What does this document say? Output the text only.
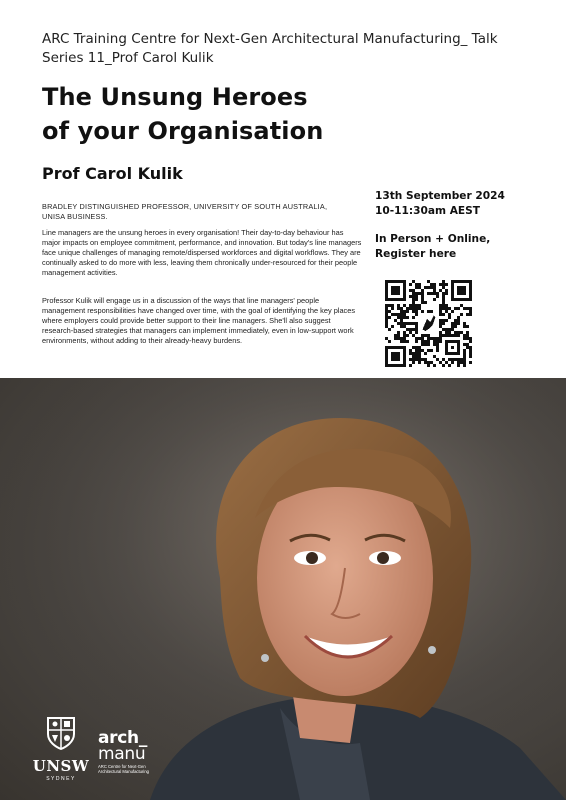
ARC Training Centre for Next-Gen Architectural Manufacturing_ Talk Series 11_Prof Carol Kulik
The Unsung Heroes
of your Organisation
Prof Carol Kulik
BRADLEY DISTINGUISHED PROFESSOR, UNIVERSITY OF SOUTH AUSTRALIA, UNISA BUSINESS.
Line managers are the unsung heroes in every organisation! Their day-to-day behaviour has major impacts on employee commitment, performance, and innovation. But today's line managers face unique challenges of managing remote/dispersed workforces and digital workflows. They are continually asked to do more with less, leaving them chronically under-resourced for their people management activities.
Professor Kulik will engage us in a discussion of the ways that line managers' people management responsibilities have changed over time, with the goal of identifying the key places where employers could provide better support to their line managers. She'll also suggest research-based strategies that managers can implement immediately, even in low-support work environments, without adding to their already-heavy burdens.
13th September 2024
10-11:30am AEST
In Person + Online,
Register here
UNSW
SYDNEY
arch_
manu
ARC Centre for Next-Gen Architectural Manufacturing
